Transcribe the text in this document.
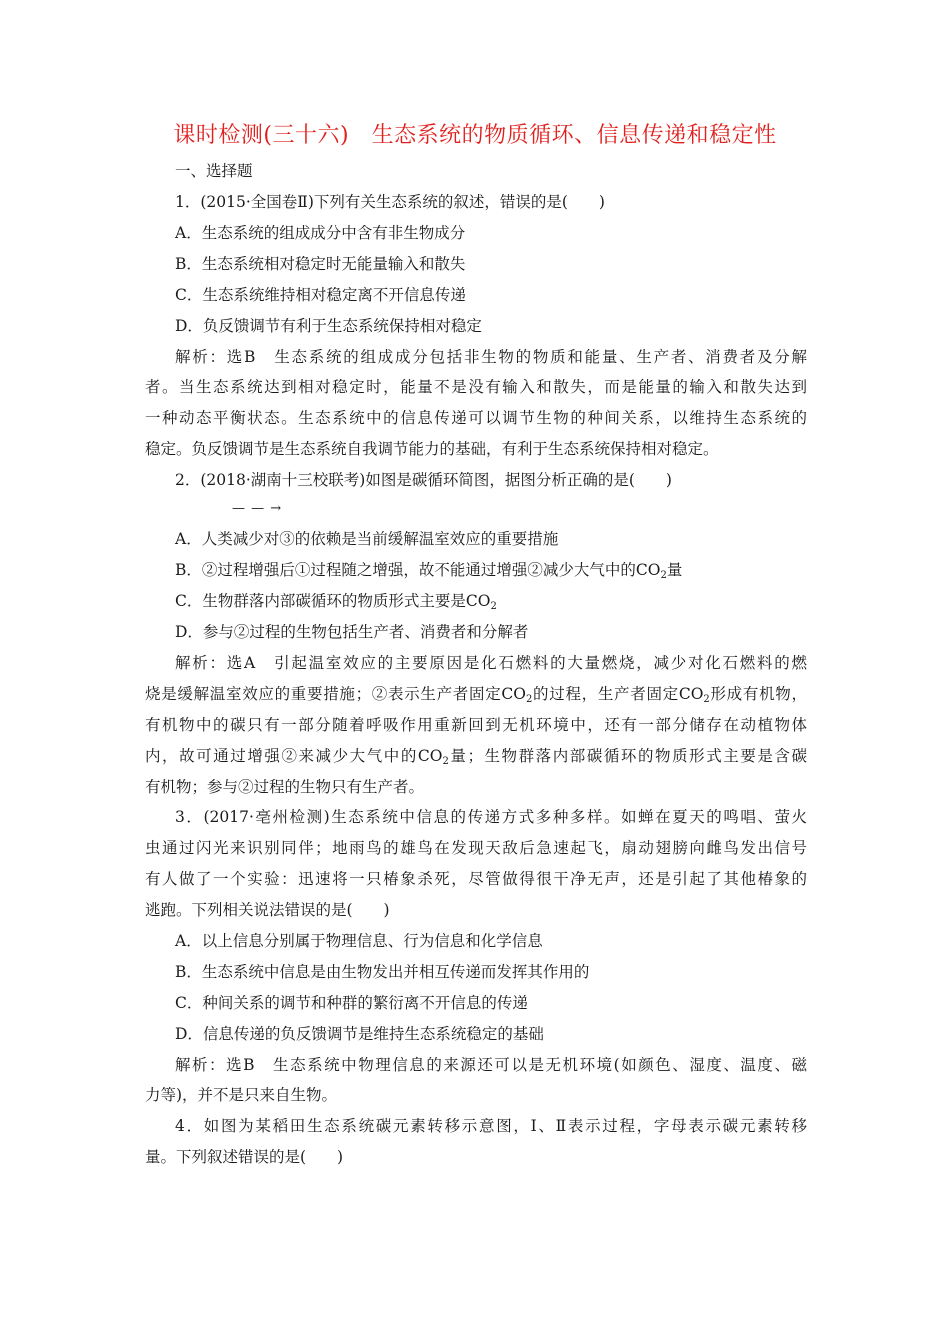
课时检测(三十六)　生态系统的物质循环、信息传递和稳定性
一、选择题
1．(2015·全国卷Ⅱ)下列有关生态系统的叙述，错误的是(　　)
A．生态系统的组成成分中含有非生物成分
B．生态系统相对稳定时无能量输入和散失
C．生态系统维持相对稳定离不开信息传递
D．负反馈调节有利于生态系统保持相对稳定
解析：选B　生态系统的组成成分包括非生物的物质和能量、生产者、消费者及分解
者。当生态系统达到相对稳定时，能量不是没有输入和散失，而是能量的输入和散失达到
一种动态平衡状态。生态系统中的信息传递可以调节生物的种间关系，以维持生态系统的
稳定。负反馈调节是生态系统自我调节能力的基础，有利于生态系统保持相对稳定。
2．(2018·湖南十三校联考)如图是碳循环简图，据图分析正确的是(　　)
— — →
A．人类减少对③的依赖是当前缓解温室效应的重要措施
B．②过程增强后①过程随之增强，故不能通过增强②减少大气中的$CO_2$量
C．生物群落内部碳循环的物质形式主要是$CO_2$
D．参与②过程的生物包括生产者、消费者和分解者
解析：选A　引起温室效应的主要原因是化石燃料的大量燃烧，减少对化石燃料的燃
烧是缓解温室效应的重要措施；②表示生产者固定$CO_2$的过程，生产者固定$CO_2$形成有机物，
有机物中的碳只有一部分随着呼吸作用重新回到无机环境中，还有一部分储存在动植物体
内，故可通过增强②来减少大气中的$CO_2$量；生物群落内部碳循环的物质形式主要是含碳
有机物；参与②过程的生物只有生产者。
3．(2017·亳州检测)生态系统中信息的传递方式多种多样。如蝉在夏天的鸣唱、萤火
虫通过闪光来识别同伴；地雨鸟的雄鸟在发现天敌后急速起飞，扇动翅膀向雌鸟发出信号
有人做了一个实验：迅速将一只椿象杀死，尽管做得很干净无声，还是引起了其他椿象的
逃跑。下列相关说法错误的是(　　)
A．以上信息分别属于物理信息、行为信息和化学信息
B．生态系统中信息是由生物发出并相互传递而发挥其作用的
C．种间关系的调节和种群的繁衍离不开信息的传递
D．信息传递的负反馈调节是维持生态系统稳定的基础
解析：选B　生态系统中物理信息的来源还可以是无机环境(如颜色、湿度、温度、磁
力等)，并不是只来自生物。
4．如图为某稻田生态系统碳元素转移示意图，Ⅰ、Ⅱ表示过程，字母表示碳元素转移
量。下列叙述错误的是(　　)
